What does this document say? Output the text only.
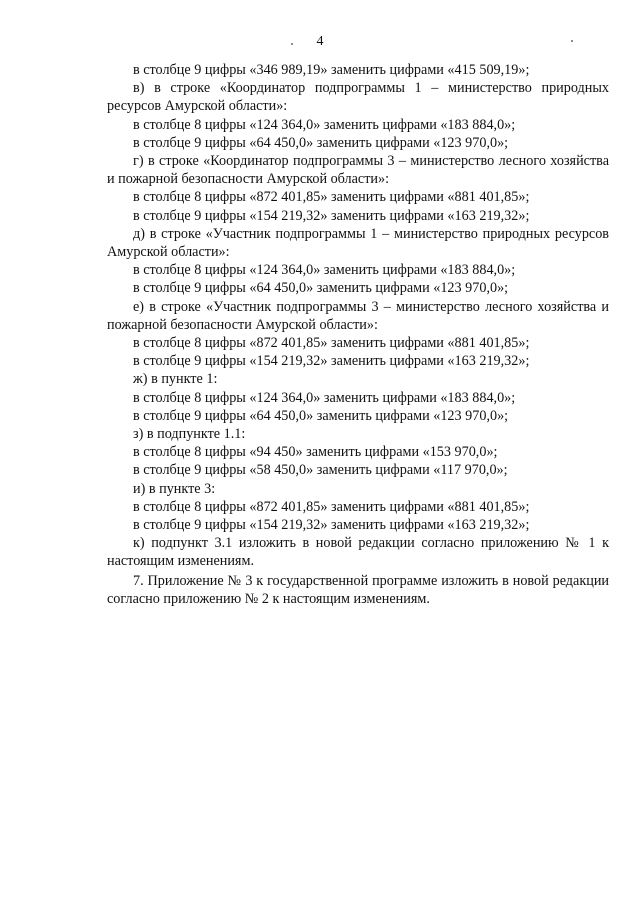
4

в столбце 9 цифры «346 989,19» заменить цифрами «415 509,19»;

в) в строке «Координатор подпрограммы 1 – министерство природных ресурсов Амурской области»:

в столбце 8 цифры «124 364,0» заменить цифрами «183 884,0»;

в столбце 9 цифры «64 450,0» заменить цифрами «123 970,0»;

г) в строке «Координатор подпрограммы 3 – министерство лесного хозяйства и пожарной безопасности Амурской области»:

в столбце 8 цифры «872 401,85» заменить цифрами «881 401,85»;

в столбце 9 цифры «154 219,32» заменить цифрами «163 219,32»;

д) в строке «Участник подпрограммы 1 – министерство природных ресурсов Амурской области»:

в столбце 8 цифры «124 364,0» заменить цифрами «183 884,0»;

в столбце 9 цифры «64 450,0» заменить цифрами «123 970,0»;

е) в строке «Участник подпрограммы 3 – министерство лесного хозяйства и пожарной безопасности Амурской области»:

в столбце 8 цифры «872 401,85» заменить цифрами «881 401,85»;

в столбце 9 цифры «154 219,32» заменить цифрами «163 219,32»;

ж) в пункте 1:

в столбце 8 цифры «124 364,0» заменить цифрами «183 884,0»;

в столбце 9 цифры «64 450,0» заменить цифрами «123 970,0»;

з) в подпункте 1.1:

в столбце 8 цифры «94 450» заменить цифрами «153 970,0»;

в столбце 9 цифры «58 450,0» заменить цифрами «117 970,0»;

и) в пункте 3:

в столбце 8 цифры «872 401,85» заменить цифрами «881 401,85»;

в столбце 9 цифры «154 219,32» заменить цифрами «163 219,32»;

к) подпункт 3.1 изложить в новой редакции согласно приложению № 1 к настоящим изменениям.

7. Приложение № 3 к государственной программе изложить в новой редакции согласно приложению № 2 к настоящим изменениям.
